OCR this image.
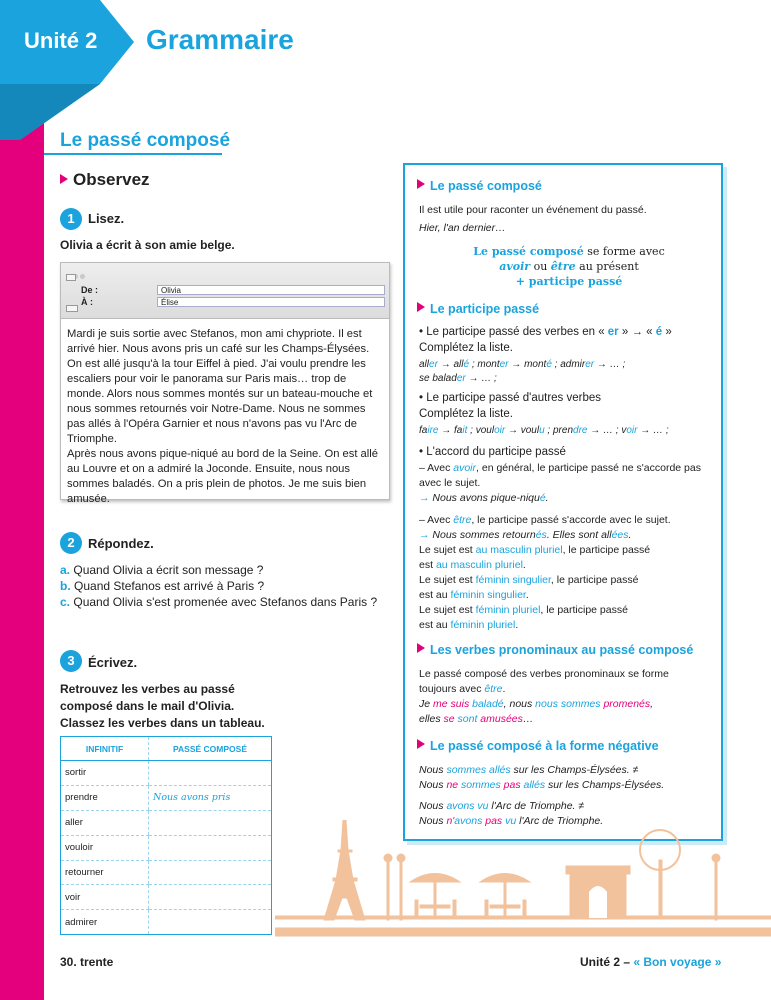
Unité 2 Grammaire
Le passé composé
Observez
1	Lisez.
Olivia a écrit à son amie belge.
De :	Olivia
À :	Élise

Mardi je suis sortie avec Stefanos, mon ami chypriote. Il est arrivé hier. Nous avons pris un café sur les Champs-Élysées. On est allé jusqu'à la tour Eiffel à pied. J'ai voulu prendre les escaliers pour voir le panorama sur Paris mais… trop de monde. Alors nous sommes montés sur un bateau-mouche et nous sommes retournés voir Notre-Dame. Nous ne sommes pas allés à l'Opéra Garnier et nous n'avons pas vu l'Arc de Triomphe.

Après nous avons pique-niqué au bord de la Seine. On est allé au Louvre et on a admiré la Joconde. Ensuite, nous nous sommes baladés. On a pris plein de photos. Je me suis bien amusée.

2	Répondez.
a. Quand Olivia a écrit son message ?
b. Quand Stefanos est arrivé à Paris ?
c. Quand Olivia s'est promenée avec Stefanos dans Paris ?
3	Écrivez.
Retrouvez les verbes au passé
composé dans le mail d'Olivia.
Classez les verbes dans un tableau.
INFINITIF	PASSÉ COMPOSÉ
sortir	
prendre	Nous avons pris
aller	
vouloir	
retourner	
voir	
admirer	
Le passé composé
Il est utile pour raconter un événement du passé.
Hier, l'an dernier…
Le passé composé se forme avec
avoir ou être au présent
+ participe passé
Le participe passé
• Le participe passé des verbes en « er » → « é »
Complétez la liste.
aller → allé ; monter → monté ; admirer → … ;
se balader → … ;
• Le participe passé d'autres verbes
Complétez la liste.
faire → fait ; vouloir → voulu ; prendre → … ; voir → … ;
• L'accord du participe passé
– Avec avoir, en général, le participe passé ne s'accorde pas avec le sujet.
→ Nous avons pique-niqué.
– Avec être, le participe passé s'accorde avec le sujet.
→ Nous sommes retournés. Elles sont allées.
Le sujet est au masculin pluriel, le participe passé
est au masculin pluriel.
Le sujet est féminin singulier, le participe passé
est au féminin singulier.
Le sujet est féminin pluriel, le participe passé
est au féminin pluriel.
Les verbes pronominaux au passé composé
Le passé composé des verbes pronominaux se forme
toujours avec être.
Je me suis baladé, nous nous sommes promenés,
elles se sont amusées…
Le passé composé à la forme négative
Nous sommes allés sur les Champs-Élysées. ≠
Nous ne sommes pas allés sur les Champs-Élysées.
Nous avons vu l'Arc de Triomphe. ≠
Nous n'avons pas vu l'Arc de Triomphe.
30. trente	Unité 2 – « Bon voyage »
